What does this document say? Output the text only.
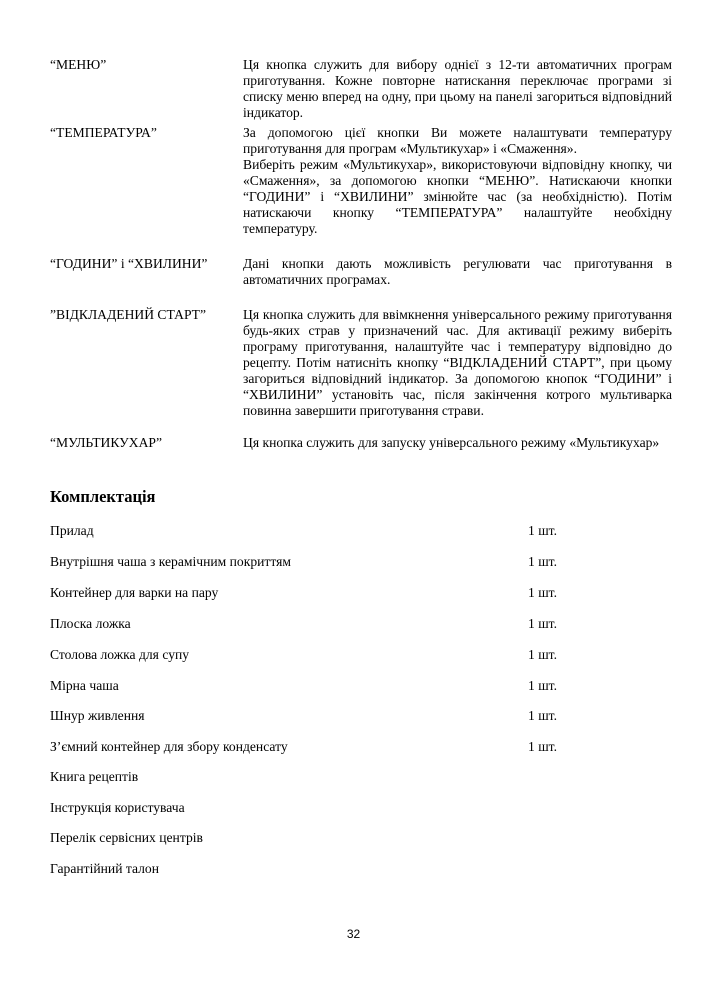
“МЕНЮ”	Ця кнопка служить для вибору однієї з 12-ти автоматичних програм приготування. Кожне повторне натискання переключає програми зі списку меню вперед на одну, при цьому на панелі загориться відповідний індикатор.

“ТЕМПЕРАТУРА”	За допомогою цієї кнопки Ви можете налаштувати температуру приготування для програм «Мультикухар» і «Смаження».

Виберіть режим «Мультикухар», використовуючи відповідну кнопку, чи «Смаження», за допомогою кнопки “МЕНЮ”. Натискаючи кнопки “ГОДИНИ” і “ХВИЛИНИ” змінюйте час (за необхідністю). Потім натискаючи кнопку “ТЕМПЕРАТУРА” налаштуйте необхідну температуру.

“ГОДИНИ” і “ХВИЛИНИ”	Дані кнопки дають можливість регулювати час приготування в автоматичних програмах.

”ВІДКЛАДЕНИЙ СТАРТ”	Ця кнопка служить для ввімкнення універсального режиму приготування будь-яких страв у призначений час. Для активації режиму виберіть програму приготування, налаштуйте час і температуру відповідно до рецепту. Потім натисніть кнопку “ВІДКЛАДЕНИЙ СТАРТ”, при цьому загориться відповідний індикатор. За допомогою кнопок “ГОДИНИ” і “ХВИЛИНИ” установіть час, після закінчення котрого мультиварка повинна завершити приготування страви.

“МУЛЬТИКУХАР”	Ця кнопка служить для запуску універсального режиму «Мультикухар»

Комплектація
Прилад	1 шт.
Внутрішня чаша з керамічним покриттям	1 шт.
Контейнер для варки на пару	1 шт.
Плоска ложка	1 шт.
Столова ложка для супу	1 шт.
Мірна чаша	1 шт.
Шнур живлення	1 шт.
З’ємний контейнер для збору конденсату	1 шт.
Книга рецептів
Інструкція користувача
Перелік сервісних центрів
Гарантійний талон
32
